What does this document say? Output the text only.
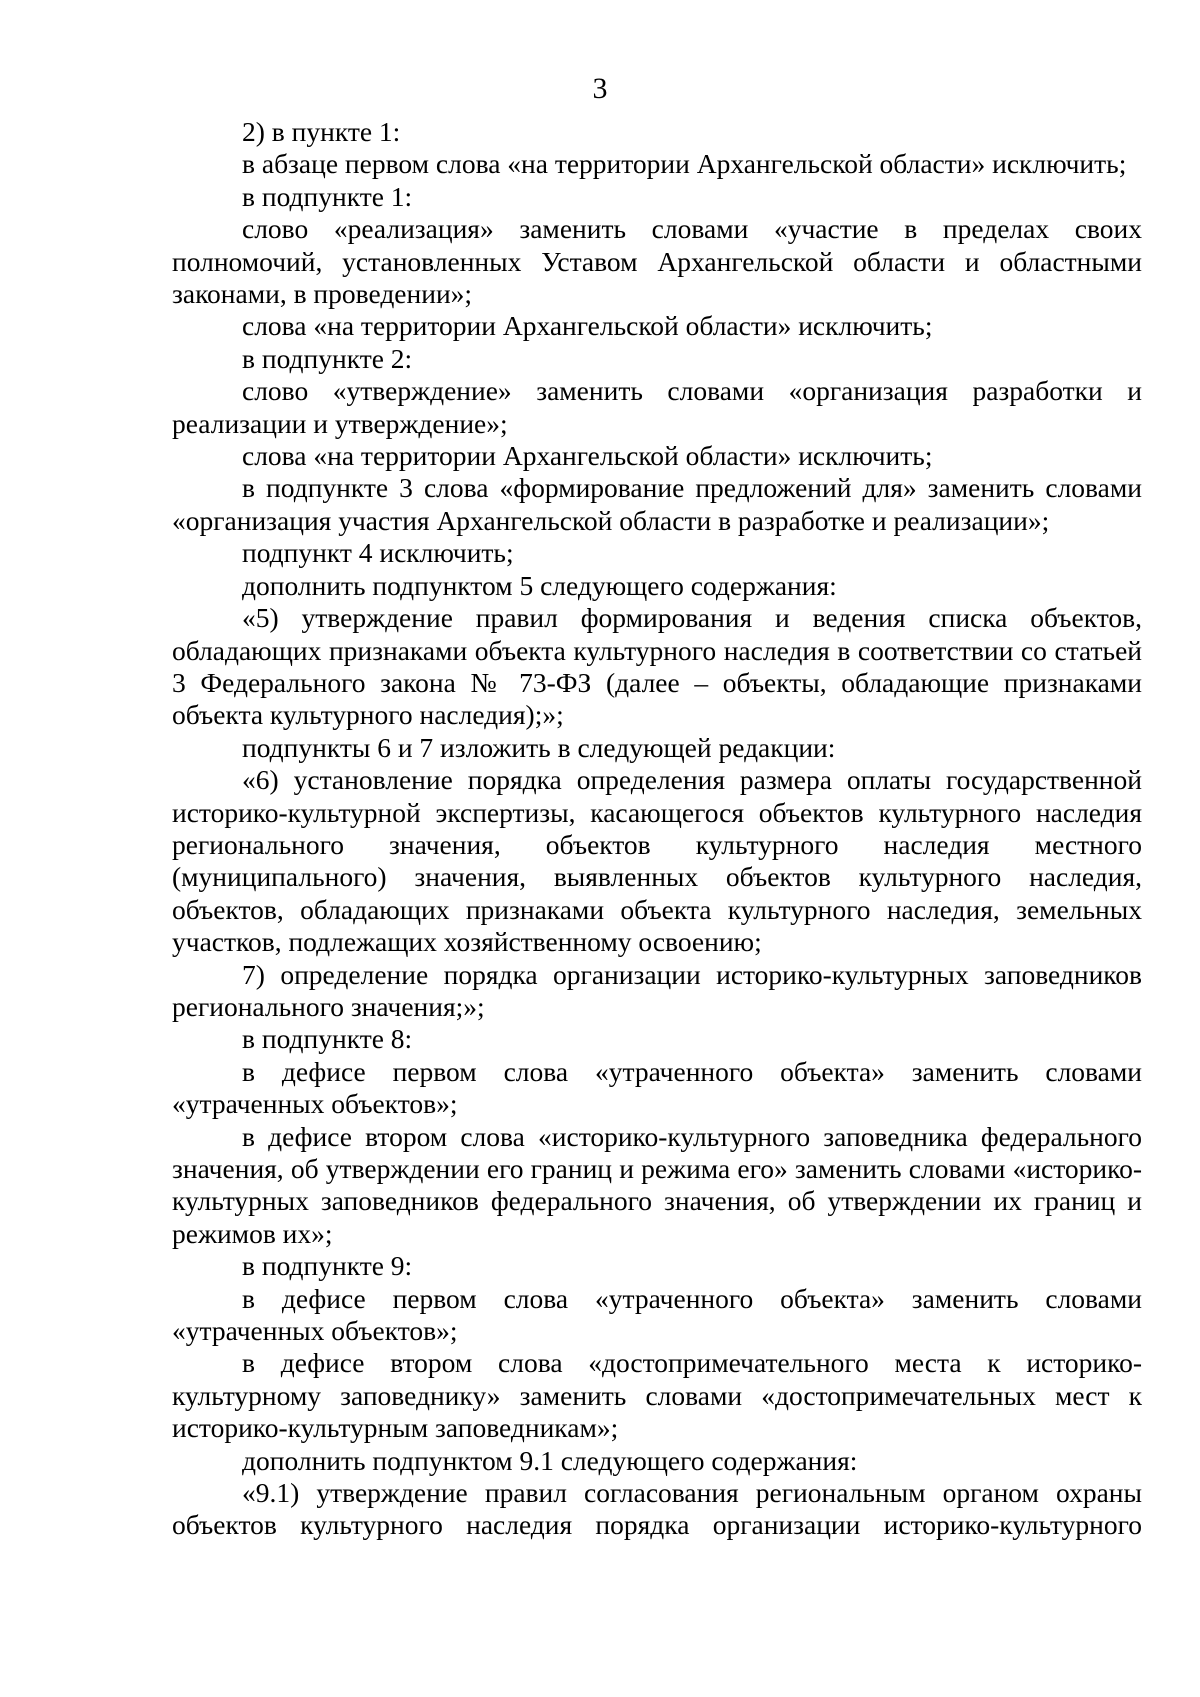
3

2) в пункте 1:

в абзаце первом слова «на территории Архангельской области» исключить;

в подпункте 1:

слово «реализация» заменить словами «участие в пределах своих полномочий, установленных Уставом Архангельской области и областными законами, в проведении»;

слова «на территории Архангельской области» исключить;

в подпункте 2:

слово «утверждение» заменить словами «организация разработки и реализации и утверждение»;

слова «на территории Архангельской области» исключить;

в подпункте 3 слова «формирование предложений для» заменить словами «организация участия Архангельской области в разработке и реализации»;

подпункт 4 исключить;

дополнить подпунктом 5 следующего содержания:

«5) утверждение правил формирования и ведения списка объектов, обладающих признаками объекта культурного наследия в соответствии со статьей 3 Федерального закона № 73-ФЗ (далее – объекты, обладающие признаками объекта культурного наследия);»;

подпункты 6 и 7 изложить в следующей редакции:

«6) установление порядка определения размера оплаты государственной историко-культурной экспертизы, касающегося объектов культурного наследия регионального значения, объектов культурного наследия местного (муниципального) значения, выявленных объектов культурного наследия, объектов, обладающих признаками объекта культурного наследия, земельных участков, подлежащих хозяйственному освоению;

7) определение порядка организации историко-культурных заповедников регионального значения;»;

в подпункте 8:

в дефисе первом слова «утраченного объекта» заменить словами «утраченных объектов»;

в дефисе втором слова «историко-культурного заповедника федерального значения, об утверждении его границ и режима его» заменить словами «историко-культурных заповедников федерального значения, об утверждении их границ и режимов их»;

в подпункте 9:

в дефисе первом слова «утраченного объекта» заменить словами «утраченных объектов»;

в дефисе втором слова «достопримечательного места к историко-культурному заповеднику» заменить словами «достопримечательных мест к историко-культурным заповедникам»;

дополнить подпунктом 9.1 следующего содержания:

«9.1) утверждение правил согласования региональным органом охраны объектов культурного наследия порядка организации историко-культурного
